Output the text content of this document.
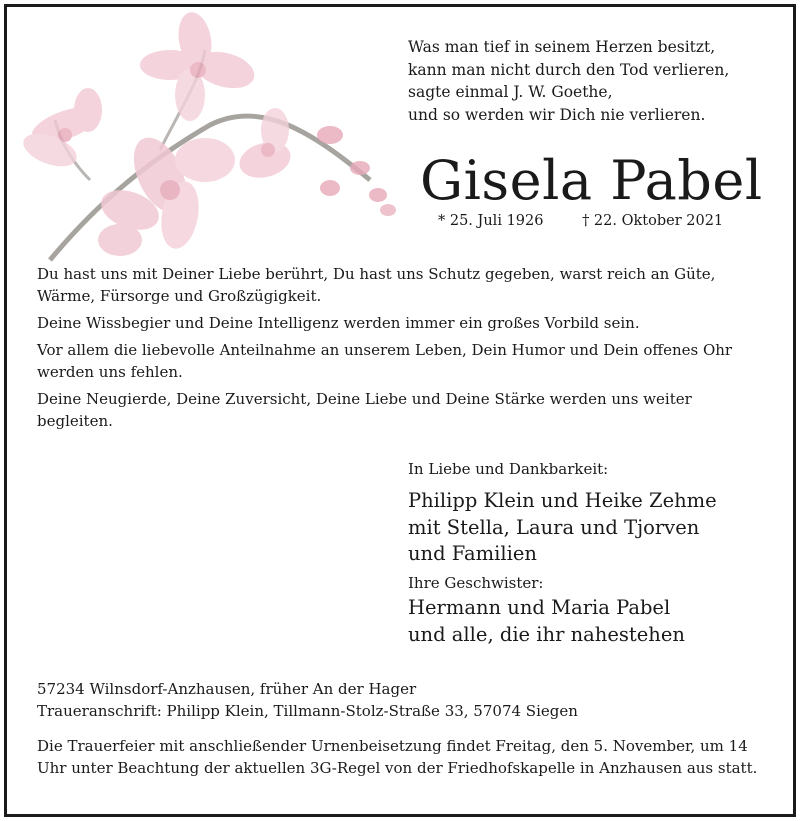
Was man tief in seinem Herzen besitzt,
kann man nicht durch den Tod verlieren,
sagte einmal J. W. Goethe,
und so werden wir Dich nie verlieren.
Gisela Pabel
* 25. Juli 1926	† 22. Oktober 2021

Du hast uns mit Deiner Liebe berührt, Du hast uns Schutz gegeben, warst reich an Güte, Wärme, Fürsorge und Großzügigkeit.

Deine Wissbegier und Deine Intelligenz werden immer ein großes Vorbild sein.

Vor allem die liebevolle Anteilnahme an unserem Leben, Dein Humor und Dein offenes Ohr werden uns fehlen.

Deine Neugierde, Deine Zuversicht, Deine Liebe und Deine Stärke werden uns weiter begleiten.

In Liebe und Dankbarkeit:
Philipp Klein und Heike Zehme
mit Stella, Laura und Tjorven
und Familien
Ihre Geschwister:
Hermann und Maria Pabel
und alle, die ihr nahestehen
57234 Wilnsdorf-Anzhausen, früher An der Hager
Traueranschrift: Philipp Klein, Tillmann-Stolz-Straße 33, 57074 Siegen
Die Trauerfeier mit anschließender Urnenbeisetzung findet Freitag, den 5. November, um 14 Uhr unter Beachtung der aktuellen 3G-Regel von der Friedhofskapelle in Anzhausen aus statt.
